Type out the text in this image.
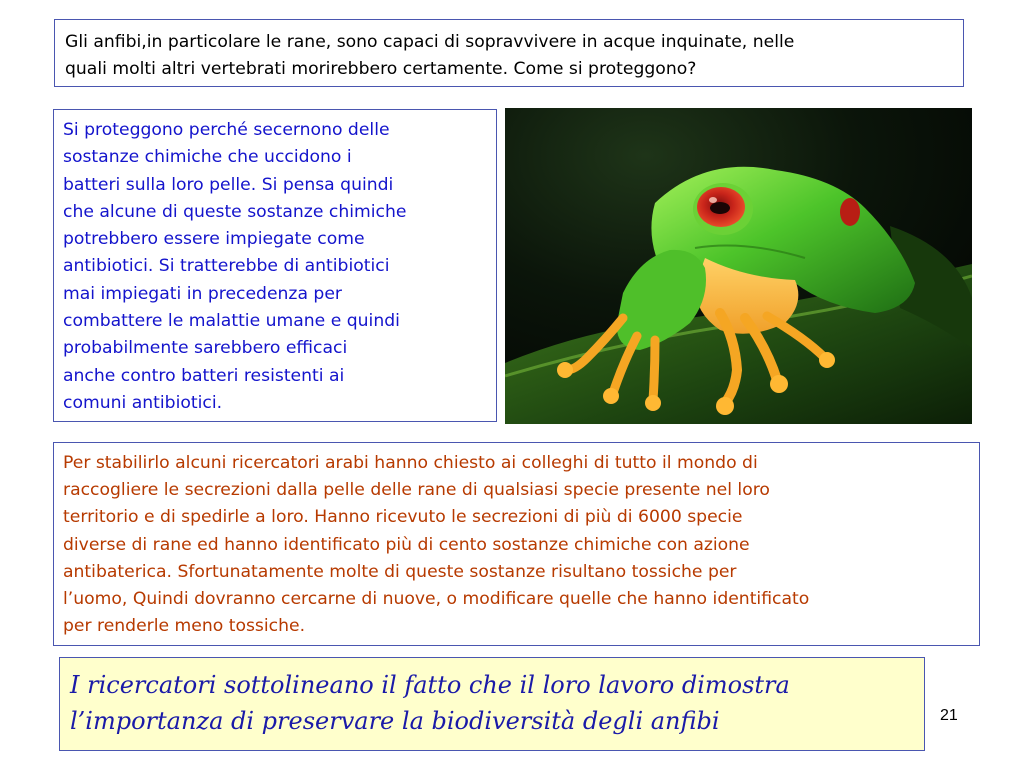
Gli anfibi,in particolare le rane, sono capaci di sopravvivere in acque inquinate, nelle
quali molti altri vertebrati morirebbero certamente. Come si proteggono?

Si proteggono perché secernono delle
sostanze chimiche che uccidono i
batteri sulla loro pelle. Si pensa quindi
che alcune di queste sostanze chimiche
potrebbero essere impiegate come
antibiotici. Si tratterebbe di antibiotici
mai impiegati in precedenza per
combattere le malattie umane e quindi
probabilmente sarebbero efficaci
anche contro batteri resistenti ai
comuni antibiotici.

Per stabilirlo alcuni ricercatori arabi hanno chiesto ai colleghi di tutto il mondo di
raccogliere le secrezioni dalla pelle delle rane di qualsiasi specie presente nel loro
territorio e di spedirle a loro. Hanno ricevuto le secrezioni di più di 6000 specie
diverse di rane ed hanno identificato più di cento sostanze chimiche con azione
antibaterica. Sfortunatamente molte di queste sostanze risultano tossiche per
l’uomo, Quindi dovranno cercarne di nuove, o modificare quelle che hanno identificato
per renderle meno tossiche.

I ricercatori sottolineano il fatto che il loro lavoro dimostra
l’importanza di preservare la biodiversità degli anfibi	21
